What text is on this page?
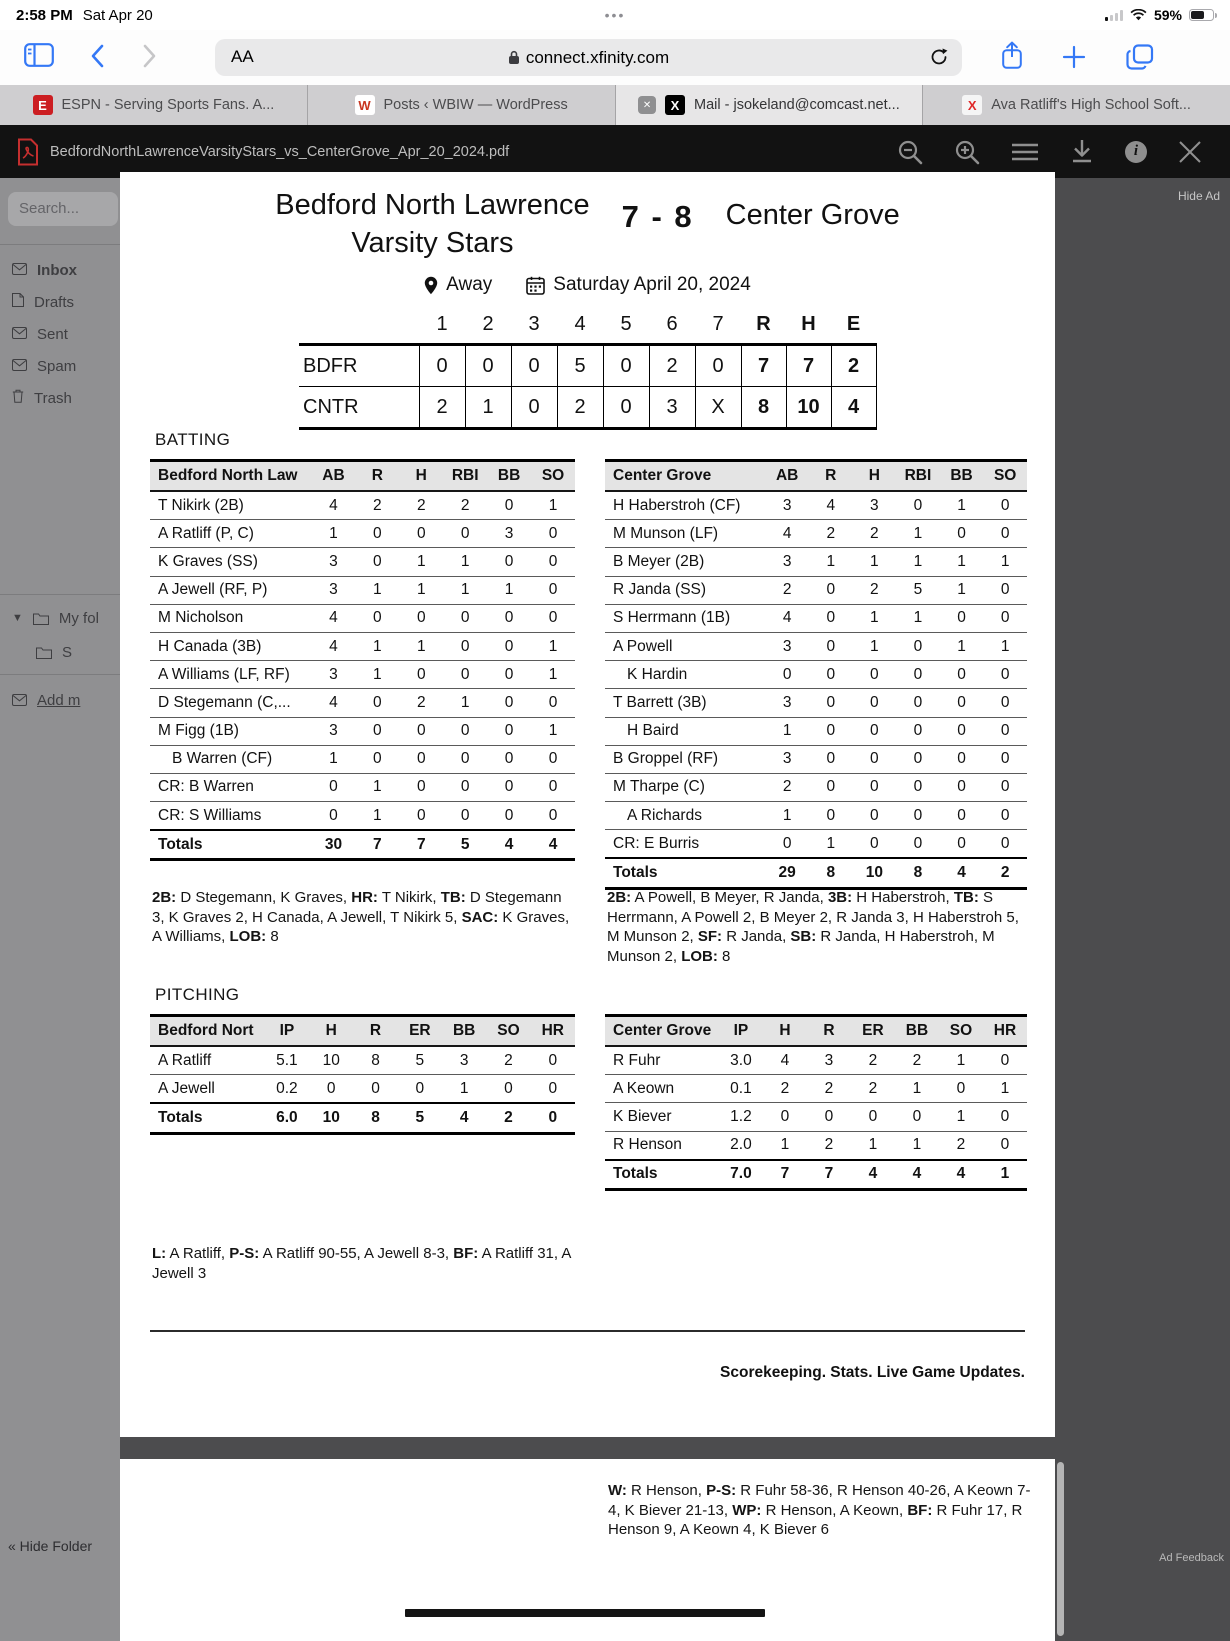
2:58 PM Sat Apr 20	•••	59%
AA	connect.xfinity.com
E	ESPN - Serving Sports Fans. A...	W Posts ‹ WBIW — WordPress	✕	X	Mail - jsokeland@comcast.net...	X	Ava Ratliff's High School Soft...
BedfordNorthLawrenceVarsityStars_vs_CenterGrove_Apr_20_2024.pdf	i
Hide Ad
Ad Feedback
Search...
Inbox
Drafts
Sent
Spam
Trash
▼ My fol
S
Add m
« Hide Folder
Bedford North Lawrence
Varsity Stars
7 - 8 Center Grove
Away	Saturday April 20, 2024
	1	2	3	4	5	6	7	R	H	E
BDFR	0	0	0	5	0	2	0	7	7	2
CNTR	2	1	0	2	0	3	X	8	10	4
BATTING
Bedford North Law	AB	R	H	RBI	BB	SO
T Nikirk (2B)	4	2	2	2	0	1
A Ratliff (P, C)	1	0	0	0	3	0
K Graves (SS)	3	0	1	1	0	0
A Jewell (RF, P)	3	1	1	1	1	0
M Nicholson	4	0	0	0	0	0
H Canada (3B)	4	1	1	0	0	1
A Williams (LF, RF)	3	1	0	0	0	1
D Stegemann (C,...	4	0	2	1	0	0
M Figg (1B)	3	0	0	0	0	1
B Warren (CF)	1	0	0	0	0	0
CR: B Warren	0	1	0	0	0	0
CR: S Williams	0	1	0	0	0	0
Totals	30	7	7	5	4	4
Center Grove	AB	R	H	RBI	BB	SO
H Haberstroh (CF)	3	4	3	0	1	0
M Munson (LF)	4	2	2	1	0	0
B Meyer (2B)	3	1	1	1	1	1
R Janda (SS)	2	0	2	5	1	0
S Herrmann (1B)	4	0	1	1	0	0
A Powell	3	0	1	0	1	1
K Hardin	0	0	0	0	0	0
T Barrett (3B)	3	0	0	0	0	0
H Baird	1	0	0	0	0	0
B Groppel (RF)	3	0	0	0	0	0
M Tharpe (C)	2	0	0	0	0	0
A Richards	1	0	0	0	0	0
CR: E Burris	0	1	0	0	0	0
Totals	29	8	10	8	4	2
2B: D Stegemann, K Graves, HR: T Nikirk, TB: D Stegemann 3, K Graves 2, H Canada, A Jewell, T Nikirk 5, SAC: K Graves, A Williams, LOB: 8
2B: A Powell, B Meyer, R Janda, 3B: H Haberstroh, TB: S Herrmann, A Powell 2, B Meyer 2, R Janda 3, H Haberstroh 5, M Munson 2, SF: R Janda, SB: R Janda, H Haberstroh, M Munson 2, LOB: 8
PITCHING
Bedford Nort	IP	H	R	ER	BB	SO	HR
A Ratliff	5.1	10	8	5	3	2	0
A Jewell	0.2	0	0	0	1	0	0
Totals	6.0	10	8	5	4	2	0
Center Grove	IP	H	R	ER	BB	SO	HR
R Fuhr	3.0	4	3	2	2	1	0
A Keown	0.1	2	2	2	1	0	1
K Biever	1.2	0	0	0	0	1	0
R Henson	2.0	1	2	1	1	2	0
Totals	7.0	7	7	4	4	4	1
L: A Ratliff, P-S: A Ratliff 90-55, A Jewell 8-3, BF: A Ratliff 31, A Jewell 3
Scorekeeping. Stats. Live Game Updates.
W: R Henson, P-S: R Fuhr 58-36, R Henson 40-26, A Keown 7-4, K Biever 21-13, WP: R Henson, A Keown, BF: R Fuhr 17, R Henson 9, A Keown 4, K Biever 6
